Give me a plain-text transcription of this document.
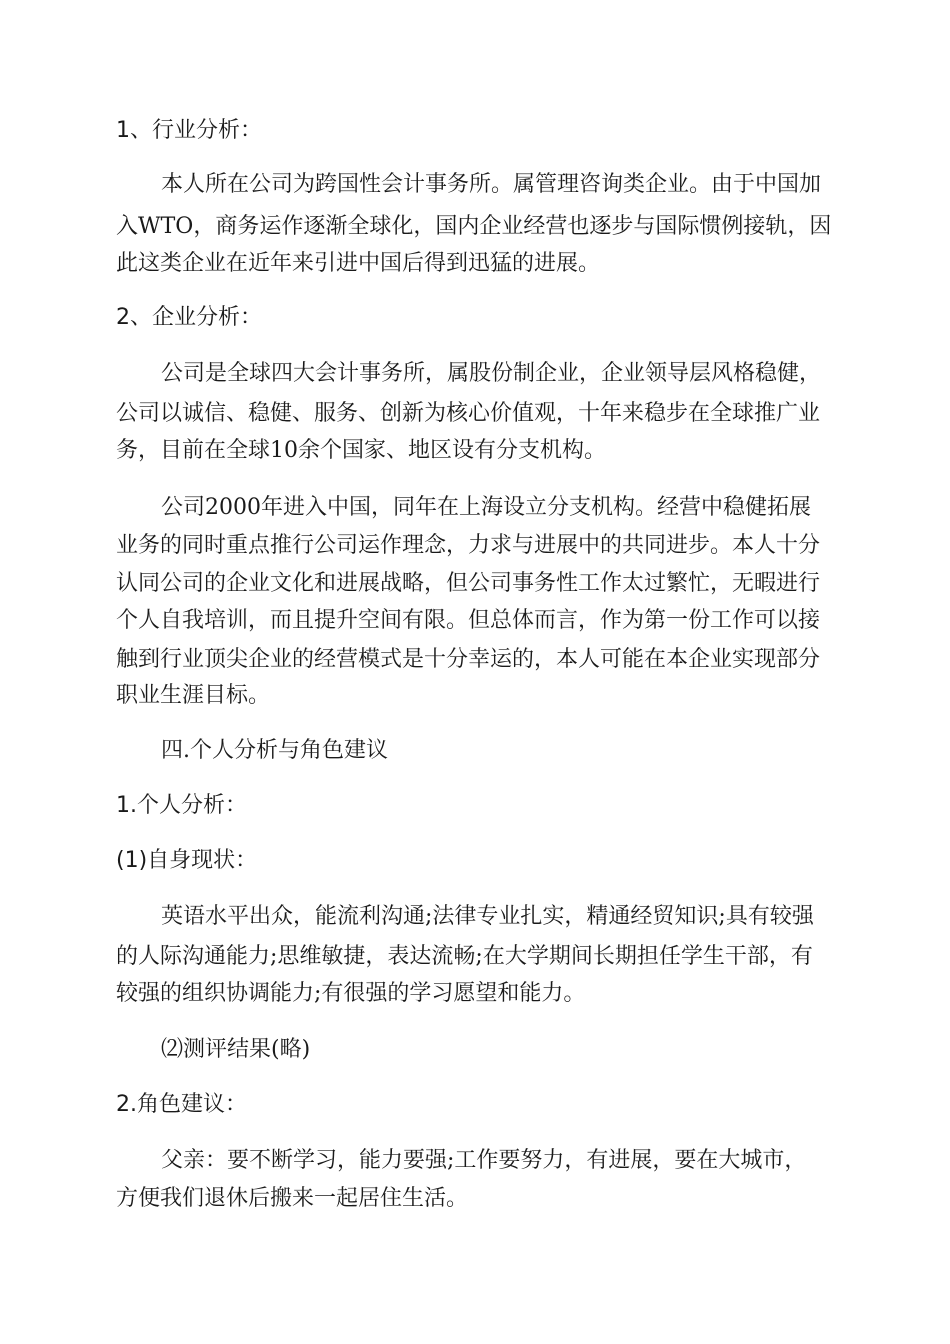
1、行业分析：

本人所在公司为跨国性会计事务所。属管理咨询类企业。由于中国加

入WTO，商务运作逐渐全球化，国内企业经营也逐步与国际惯例接轨，因

此这类企业在近年来引进中国后得到迅猛的进展。

2、企业分析：

公司是全球四大会计事务所，属股份制企业，企业领导层风格稳健，

公司以诚信、稳健、服务、创新为核心价值观，十年来稳步在全球推广业

务，目前在全球10余个国家、地区设有分支机构。

公司2000年进入中国，同年在上海设立分支机构。经营中稳健拓展

业务的同时重点推行公司运作理念，力求与进展中的共同进步。本人十分

认同公司的企业文化和进展战略，但公司事务性工作太过繁忙，无暇进行

个人自我培训，而且提升空间有限。但总体而言，作为第一份工作可以接

触到行业顶尖企业的经营模式是十分幸运的，本人可能在本企业实现部分

职业生涯目标。

四.个人分析与角色建议

1.个人分析：

(1)自身现状：

英语水平出众，能流利沟通;法律专业扎实，精通经贸知识;具有较强

的人际沟通能力;思维敏捷，表达流畅;在大学期间长期担任学生干部，有

较强的组织协调能力;有很强的学习愿望和能力。

⑵测评结果(略)

2.角色建议：

父亲：要不断学习，能力要强;工作要努力，有进展，要在大城市，

方便我们退休后搬来一起居住生活。
